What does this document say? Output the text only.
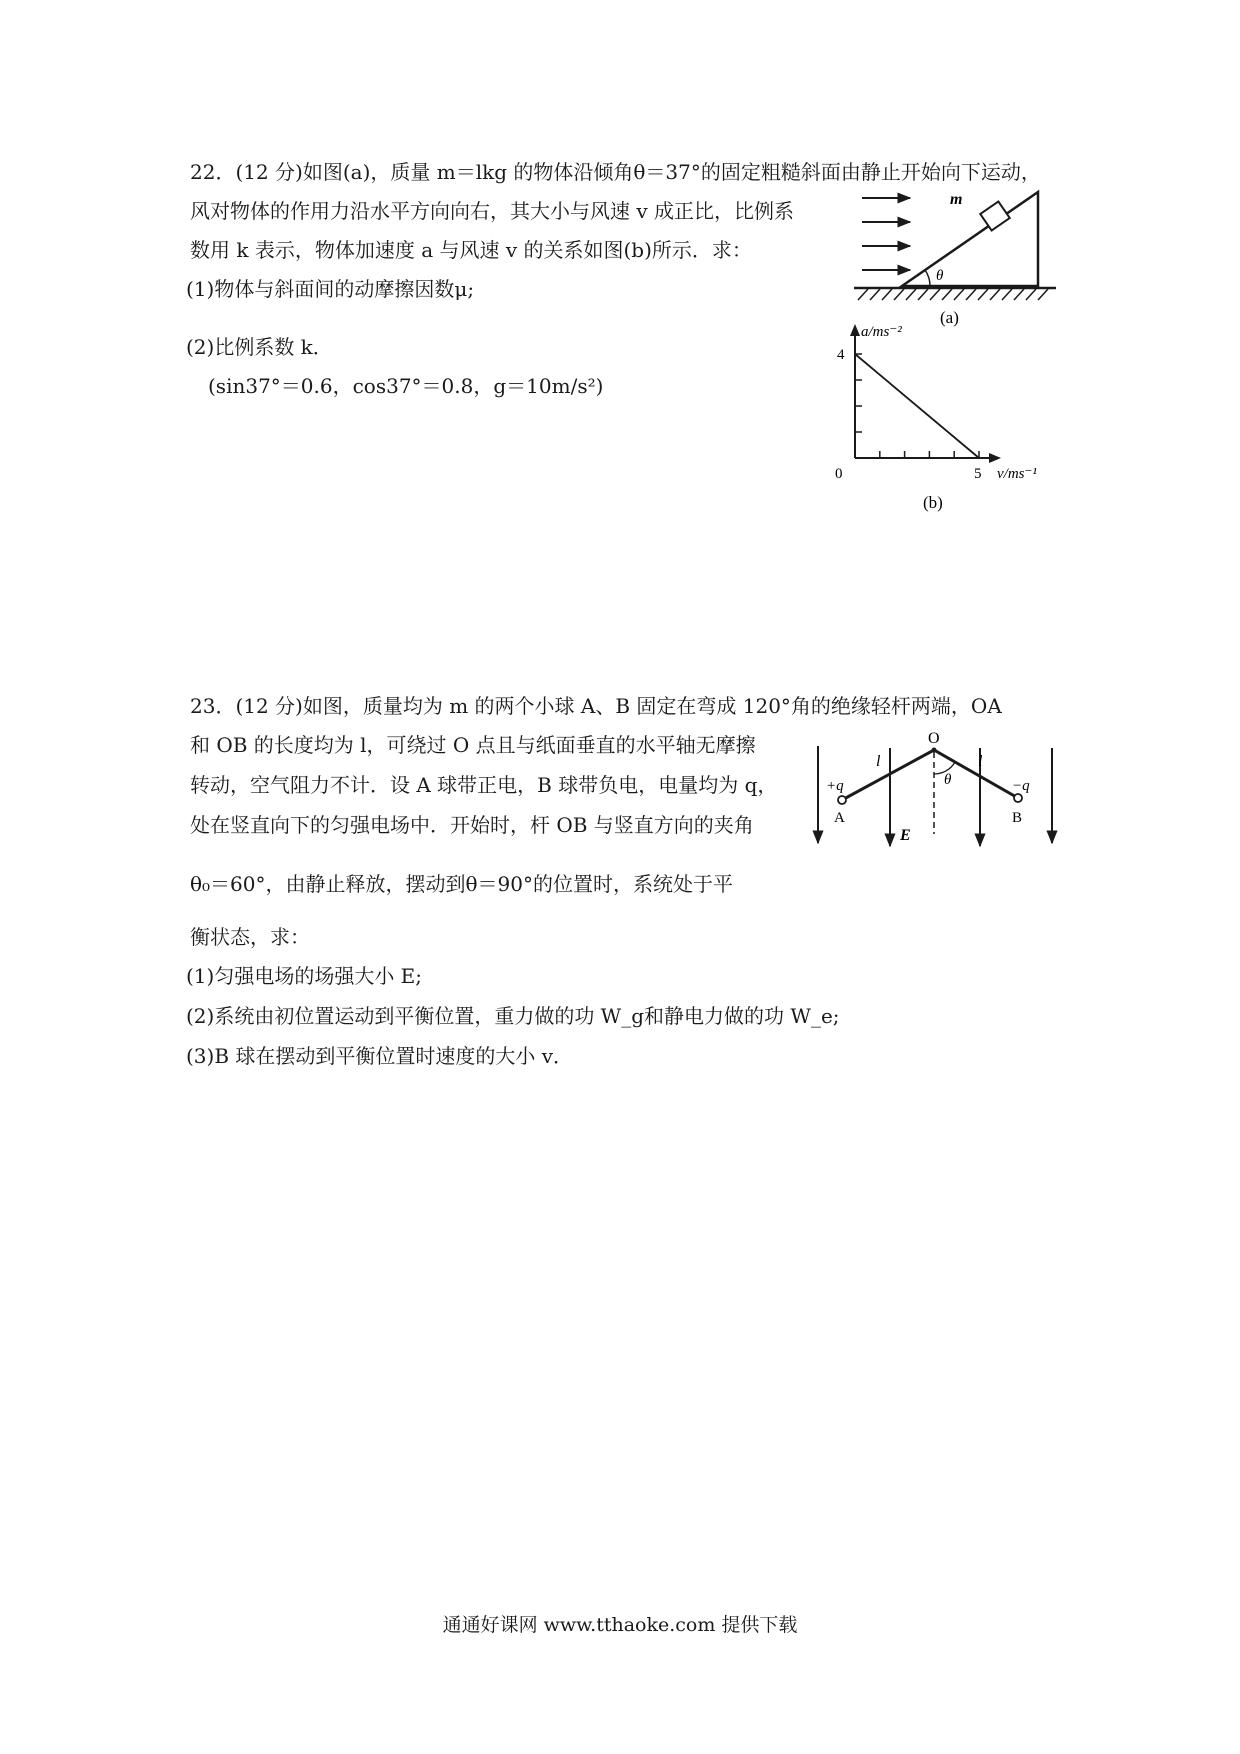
22．(12 分)如图(a)，质量 m＝lkg 的物体沿倾角θ＝37°的固定粗糙斜面由静止开始向下运动，
风对物体的作用力沿水平方向向右，其大小与风速 v 成正比，比例系
数用 k 表示，物体加速度 a 与风速 v 的关系如图(b)所示．求：
(1)物体与斜面间的动摩擦因数μ;
(2)比例系数 k．
(sin37°＝0.6，cos37°＝0.8，g＝10m/s²)
m
θ
(a)
a/ms⁻²
v/ms⁻¹
0	5
4
(b)
23．(12 分)如图，质量均为 m 的两个小球 A、B 固定在弯成 120°角的绝缘轻杆两端，OA
和 OB 的长度均为 l，可绕过 O 点且与纸面垂直的水平轴无摩擦
转动，空气阻力不计．设 A 球带正电，B 球带负电，电量均为 q，
处在竖直向下的匀强电场中．开始时，杆 OB 与竖直方向的夹角
θ₀＝60°，由静止释放，摆动到θ＝90°的位置时，系统处于平
衡状态，求：
(1)匀强电场的场强大小 E;
(2)系统由初位置运动到平衡位置，重力做的功 W_g和静电力做的功 W_e;
(3)B 球在摆动到平衡位置时速度的大小 v．
O
θ
l	l
+q	−q
A	B
E
通通好课网 www.tthaoke.com 提供下载
